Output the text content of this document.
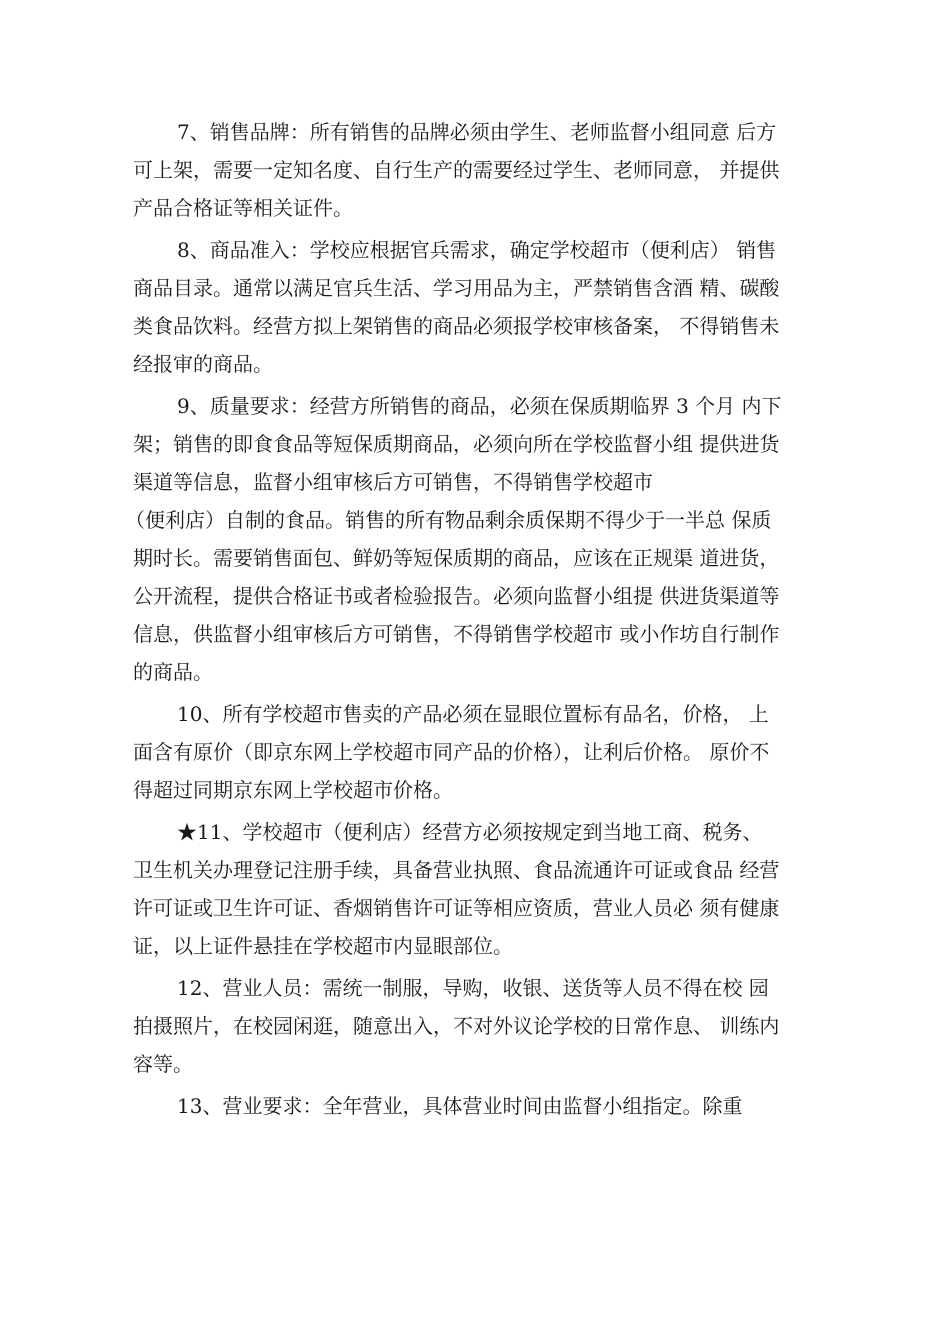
7、销售品牌：所有销售的品牌必须由学生、老师监督小组同意 后方
可上架，需要一定知名度、自行生产的需要经过学生、老师同意， 并提供
产品合格证等相关证件。

8、商品准入：学校应根据官兵需求，确定学校超市（便利店） 销售
商品目录。通常以满足官兵生活、学习用品为主，严禁销售含酒 精、碳酸
类食品饮料。经营方拟上架销售的商品必须报学校审核备案， 不得销售未
经报审的商品。

9、质量要求：经营方所销售的商品，必须在保质期临界 3 个月 内下
架；销售的即食食品等短保质期商品，必须向所在学校监督小组 提供进货
渠道等信息，监督小组审核后方可销售，不得销售学校超市
（便利店）自制的食品。销售的所有物品剩余质保期不得少于一半总 保质
期时长。需要销售面包、鲜奶等短保质期的商品，应该在正规渠 道进货，
公开流程，提供合格证书或者检验报告。必须向监督小组提 供进货渠道等
信息，供监督小组审核后方可销售，不得销售学校超市 或小作坊自行制作
的商品。

10、所有学校超市售卖的产品必须在显眼位置标有品名，价格， 上
面含有原价（即京东网上学校超市同产品的价格），让利后价格。 原价不
得超过同期京东网上学校超市价格。

★11、学校超市（便利店）经营方必须按规定到当地工商、税务、
卫生机关办理登记注册手续，具备营业执照、食品流通许可证或食品 经营
许可证或卫生许可证、香烟销售许可证等相应资质，营业人员必 须有健康
证，以上证件悬挂在学校超市内显眼部位。

12、营业人员：需统一制服，导购，收银、送货等人员不得在校 园
拍摄照片，在校园闲逛，随意出入，不对外议论学校的日常作息、 训练内
容等。

13、营业要求：全年营业，具体营业时间由监督小组指定。除重
